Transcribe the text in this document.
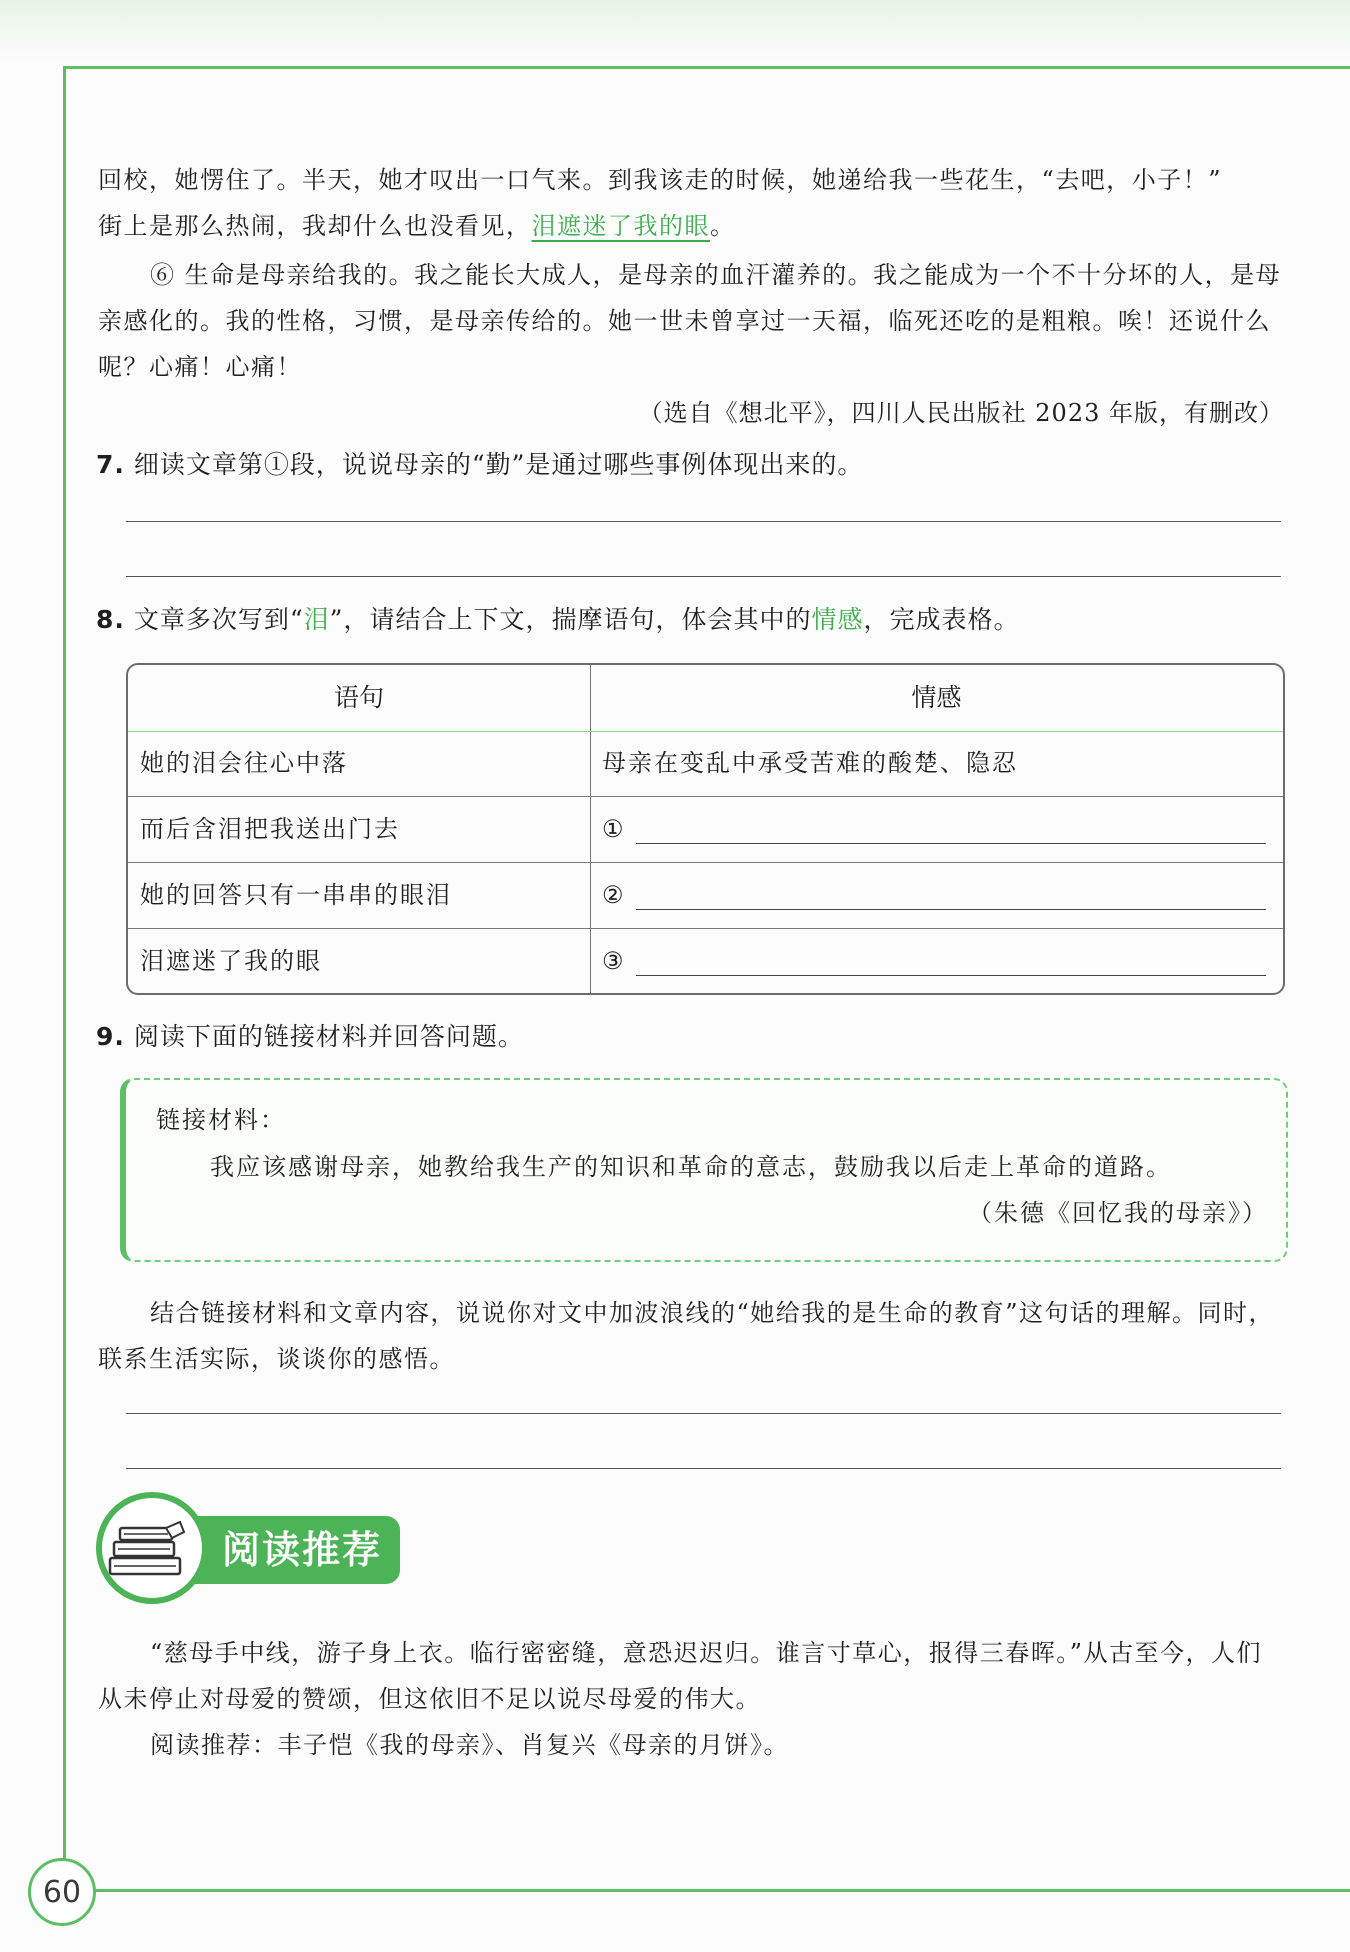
回校，她愣住了。半天，她才叹出一口气来。到我该走的时候，她递给我一些花生，“去吧，小子！”
街上是那么热闹，我却什么也没看见，泪遮迷了我的眼。

⑥ 生命是母亲给我的。我之能长大成人，是母亲的血汗灌养的。我之能成为一个不十分坏的人，是母亲感化的。我的性格，习惯，是母亲传给的。她一世未曾享过一天福，临死还吃的是粗粮。唉！还说什么呢？心痛！心痛！

（选自《想北平》，四川人民出版社 2023 年版，有删改）

7. 细读文章第①段，说说母亲的“勤”是通过哪些事例体现出来的。

8. 文章多次写到“泪”，请结合上下文，揣摩语句，体会其中的情感，完成表格。

语句	情感
她的泪会往心中落	母亲在变乱中承受苦难的酸楚、隐忍
而后含泪把我送出门去	①
她的回答只有一串串的眼泪	②
泪遮迷了我的眼	③

9. 阅读下面的链接材料并回答问题。

链接材料：
我应该感谢母亲，她教给我生产的知识和革命的意志，鼓励我以后走上革命的道路。
（朱德《回忆我的母亲》）

结合链接材料和文章内容，说说你对文中加波浪线的“她给我的是生命的教育”这句话的理解。同时，联系生活实际，谈谈你的感悟。

阅读推荐

“慈母手中线，游子身上衣。临行密密缝，意恐迟迟归。谁言寸草心，报得三春晖。”从古至今，人们从未停止对母爱的赞颂，但这依旧不足以说尽母爱的伟大。

阅读推荐：丰子恺《我的母亲》、肖复兴《母亲的月饼》。

60
